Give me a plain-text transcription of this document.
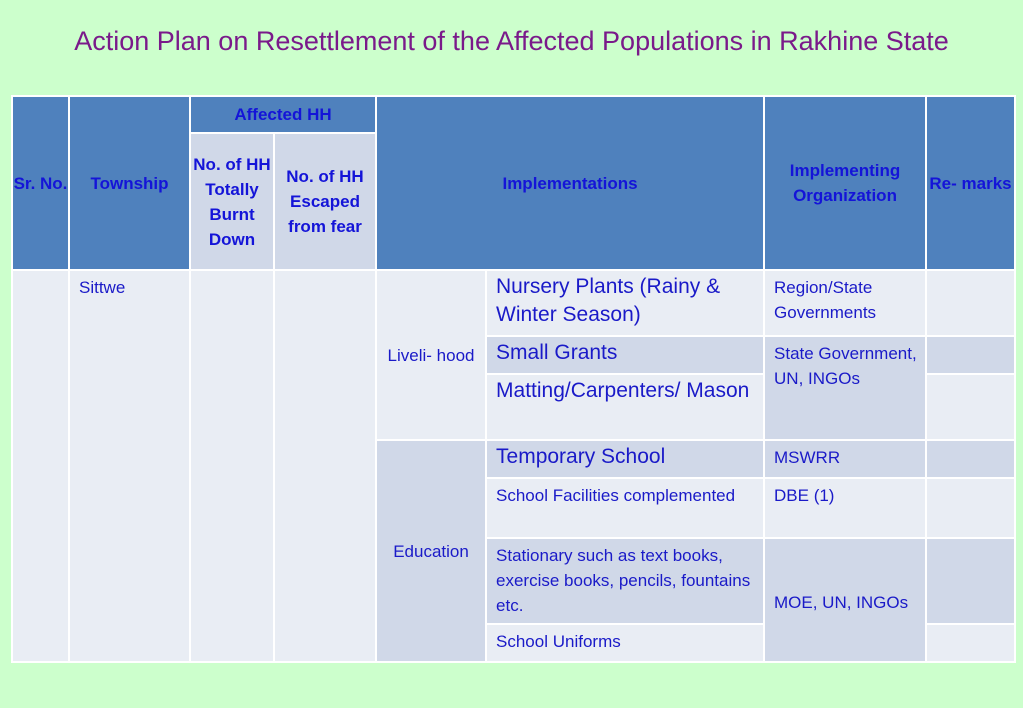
Action Plan on Resettlement of the Affected Populations in Rakhine State
Sr. No.	Township	Affected HH		Implementations		Implementing Organization	Re- marks
		No. of HH Totally Burnt Down	No. of HH Escaped from fear				
	Sittwe			Liveli- hood	Nursery Plants (Rainy & Winter Season)	Region/State Governments	
					Small Grants	State Government, UN, INGOs	
					Matting/Carpenters/ Mason		
				Education	Temporary School	MSWRR	
					School Facilities complemented	DBE (1)	
					Stationary such as text books, exercise books, pencils, fountains etc.	MOE, UN, INGOs	
					School Uniforms		
